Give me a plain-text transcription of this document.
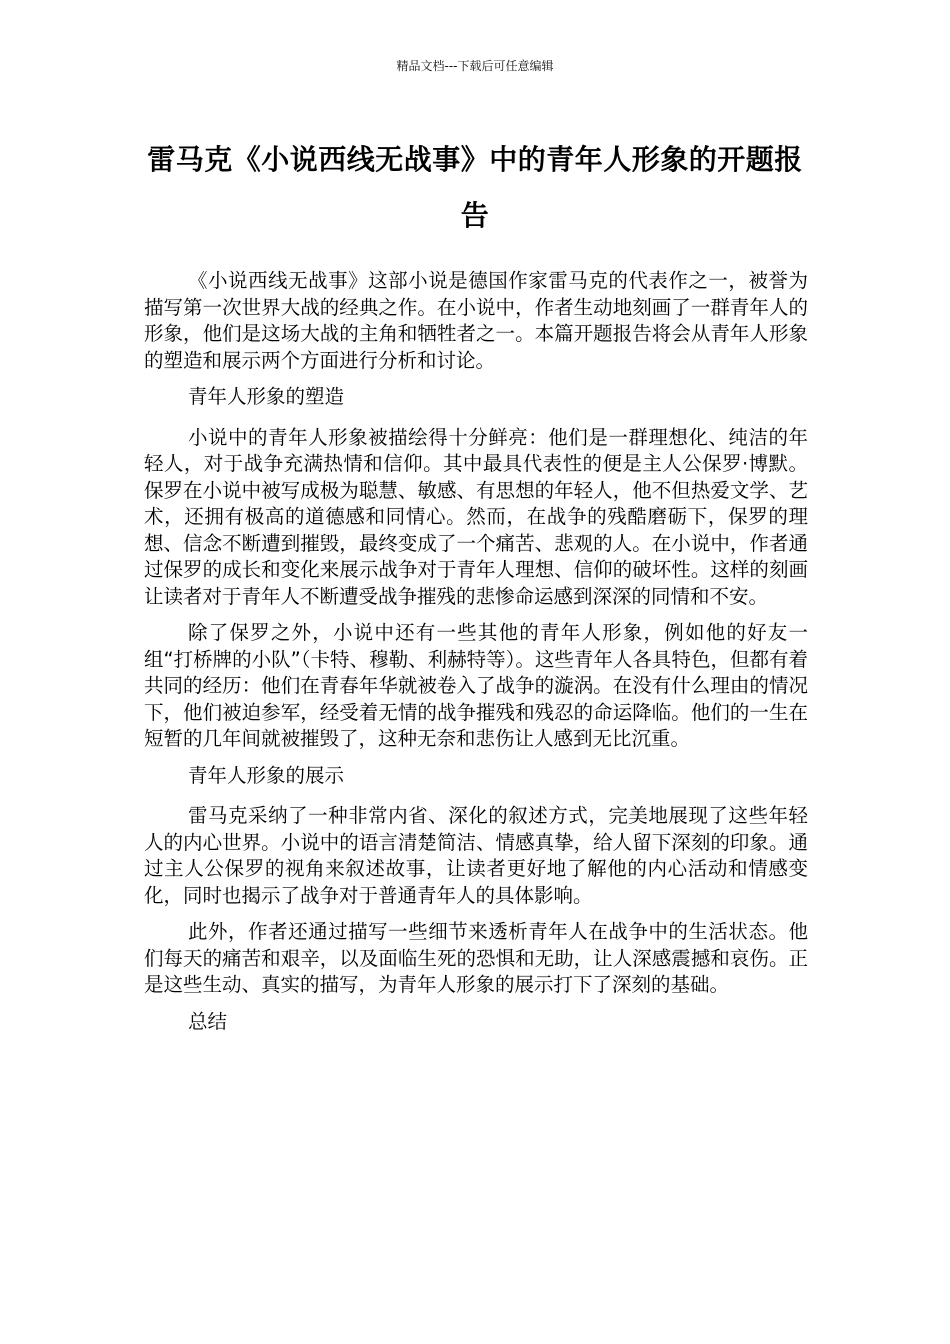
精品文档---下载后可任意编辑
雷马克《小说西线无战事》中的青年人形象的开题报告

《小说西线无战事》这部小说是德国作家雷马克的代表作之一，被誉为描写第一次世界大战的经典之作。在小说中，作者生动地刻画了一群青年人的形象，他们是这场大战的主角和牺牲者之一。本篇开题报告将会从青年人形象的塑造和展示两个方面进行分析和讨论。

青年人形象的塑造

小说中的青年人形象被描绘得十分鲜亮：他们是一群理想化、纯洁的年轻人，对于战争充满热情和信仰。其中最具代表性的便是主人公保罗·博默。保罗在小说中被写成极为聪慧、敏感、有思想的年轻人，他不但热爱文学、艺术，还拥有极高的道德感和同情心。然而，在战争的残酷磨砺下，保罗的理想、信念不断遭到摧毁，最终变成了一个痛苦、悲观的人。在小说中，作者通过保罗的成长和变化来展示战争对于青年人理想、信仰的破坏性。这样的刻画让读者对于青年人不断遭受战争摧残的悲惨命运感到深深的同情和不安。

除了保罗之外，小说中还有一些其他的青年人形象，例如他的好友一组“打桥牌的小队”（卡特、穆勒、利赫特等）。这些青年人各具特色，但都有着共同的经历：他们在青春年华就被卷入了战争的漩涡。在没有什么理由的情况下，他们被迫参军，经受着无情的战争摧残和残忍的命运降临。他们的一生在短暂的几年间就被摧毁了，这种无奈和悲伤让人感到无比沉重。

青年人形象的展示

雷马克采纳了一种非常内省、深化的叙述方式，完美地展现了这些年轻人的内心世界。小说中的语言清楚简洁、情感真挚，给人留下深刻的印象。通过主人公保罗的视角来叙述故事，让读者更好地了解他的内心活动和情感变化，同时也揭示了战争对于普通青年人的具体影响。

此外，作者还通过描写一些细节来透析青年人在战争中的生活状态。他们每天的痛苦和艰辛，以及面临生死的恐惧和无助，让人深感震撼和哀伤。正是这些生动、真实的描写，为青年人形象的展示打下了深刻的基础。

总结
